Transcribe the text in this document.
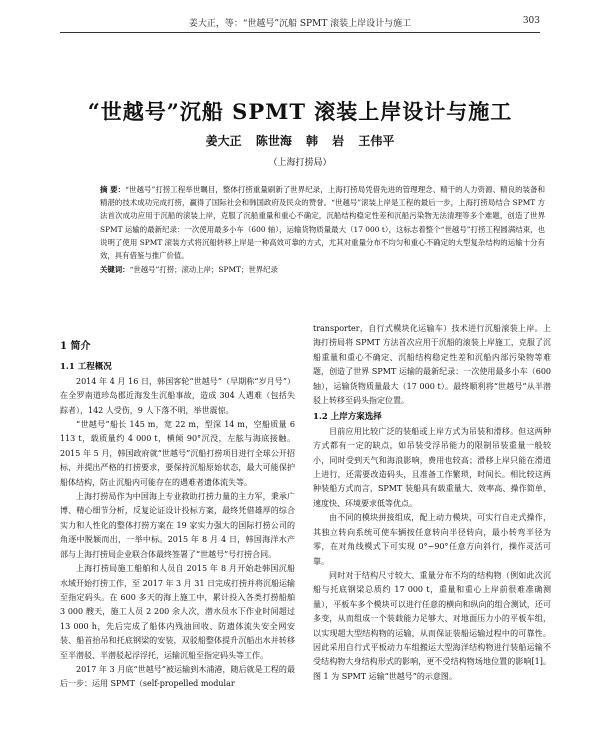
姜大正，等：“世越号”沉船 SPMT 滚装上岸设计与施工	303
“世越号”沉船 SPMT 滚装上岸设计与施工
姜大正 陈世海 韩 岩 王伟平
（上海打捞局）
摘 要：“世越号”打捞工程举世瞩目，整体打捞重量刷新了世界纪录，上海打捞局凭借先进的管理理念、精干的人力资源、精良的装备和精湛的技术成功完成打捞，赢得了国际社会和韩国政府及民众的赞誉。“世越号”滚装上岸是工程的最后一步，上海打捞局结合 SPMT 方法首次成功应用于沉船的滚装上岸，克服了沉船重量和重心不确定，沉船结构稳定性差和沉船污染物无法清理等多个难题，创造了世界 SPMT 运输的最新纪录：一次使用最多小车（600 轴），运输货物质量最大（17 000 t），这标志着整个“世越号”打捞工程圆满结束，也说明了使用 SPMT 滚装方式将沉船转移上岸是一种高效可靠的方式，尤其对重量分布不均匀和重心不确定的大型复杂结构的运输十分有效，具有借鉴与推广价值。
关键词：“世越号”打捞；滚动上岸；SPMT；世界纪录
1 简介
1.1 工程概况

2014 年 4 月 16 日，韩国客轮“世越号”（早期称“岁月号”）在全罗南道珍岛郡近海发生沉船事故，造成 304 人遇难（包括失踪者），142 人受伤，9 人下落不明，举世震惊。

“世越号”船长 145 m，宽 22 m，型深 14 m，空船质量 6 113 t，载质量约 4 000 t，横倾 90°沉没，左舷与海底接触。2015 年 5 月，韩国政府就“世越号”沉船打捞项目进行全球公开招标，并提出严格的打捞要求，要保持沉船原始状态，最大可能保护船体结构，防止沉船内可能存在的遇难者遗体流失等。

上海打捞局作为中国海上专业救助打捞力量的主力军，秉承广博、精心细节分析，反复论证设计投标方案，最终凭借雄厚的综合实力和人性化的整体打捞方案在 19 家实力强大的国际打捞公司的角逐中脱颖而出，一举中标。2015 年 8 月 4 日，韩国海洋水产部与上海打捞局企业联合体最终签署了“世越号”号打捞合同。

上海打捞局施工船舶和人员自 2015 年 8 月开始赴韩国沉船水域开始打捞工作，至 2017 年 3 月 31 日完成打捞并将沉船运输至指定码头。在 600 多天的海上施工中，累计投入各类打捞船舶 3 000 艘天，施工人员 2 200 余人次，潜水员水下作业时间超过 13 000 h，先后完成了船体内残油回收、防遗体流失安全网安装、船首抬吊和托底钢梁的安装，双驳船整体提升沉船出水并转移至半潜驳、半潜驳起浮浮托，运输沉船至指定码头等工作。

2017 年 3 月底“世越号”被运输到木浦港，随后就是工程的最后一步：运用 SPMT（self-propelled modular

transporter，自行式模块化运输车）技术进行沉船滚装上岸。上海打捞局将 SPMT 方法首次应用于沉船的滚装上岸施工，克服了沉船重量和重心不确定、沉船结构稳定性差和沉船内部污染物等难题，创造了世界 SPMT 运输的最新纪录：一次使用最多小车（600 轴），运输货物质量最大（17 000 t）。最终顺利将“世越号”从半潜驳上转移至码头指定位置。

1.2 上岸方案选择

目前应用比较广泛的装船或上岸方式为吊装和滑移。但这两种方式都有一定的缺点，如吊装受浮吊能力的限制吊装重量一般较小，同时受到天气和海浪影响，费用也较高；滑移上岸只能在滑道上进行，还需要改造码头，且准备工作繁琐，时间长。相比较这两种装船方式而言，SPMT 装船具有载重量大、效率高、操作简单、速度快、环境要求低等优点。

由不同的模块拼接组成，配上动力模块，可实行自走式操作，其独立转向系统可使车辆按任意转向半径转向，最小转弯半径为零，在对角线模式下可实现 0°~90°任意方向斜行，操作灵活可靠。

同时对于结构尺寸较大、重量分布不均的结构物（例如此次沉船与托底钢梁总质约 17 000 t，重量和重心上岸前很难准确测量），平板车多个模块可以进行任意的横向和纵向的组合测试，还可多变，从而组成一个装载能力足够大、对地面压力小的平板车组，以实现超大型结构物的运输，从而保证装船运输过程中的可靠性。因此采用自行式平板动力车组搬运大型海洋结构物进行装船运输不受结构物大身结构形式的影响，更不受结构物场地位置的影响[1]。图 1 为 SPMT 运输“世越号”的示意图。
